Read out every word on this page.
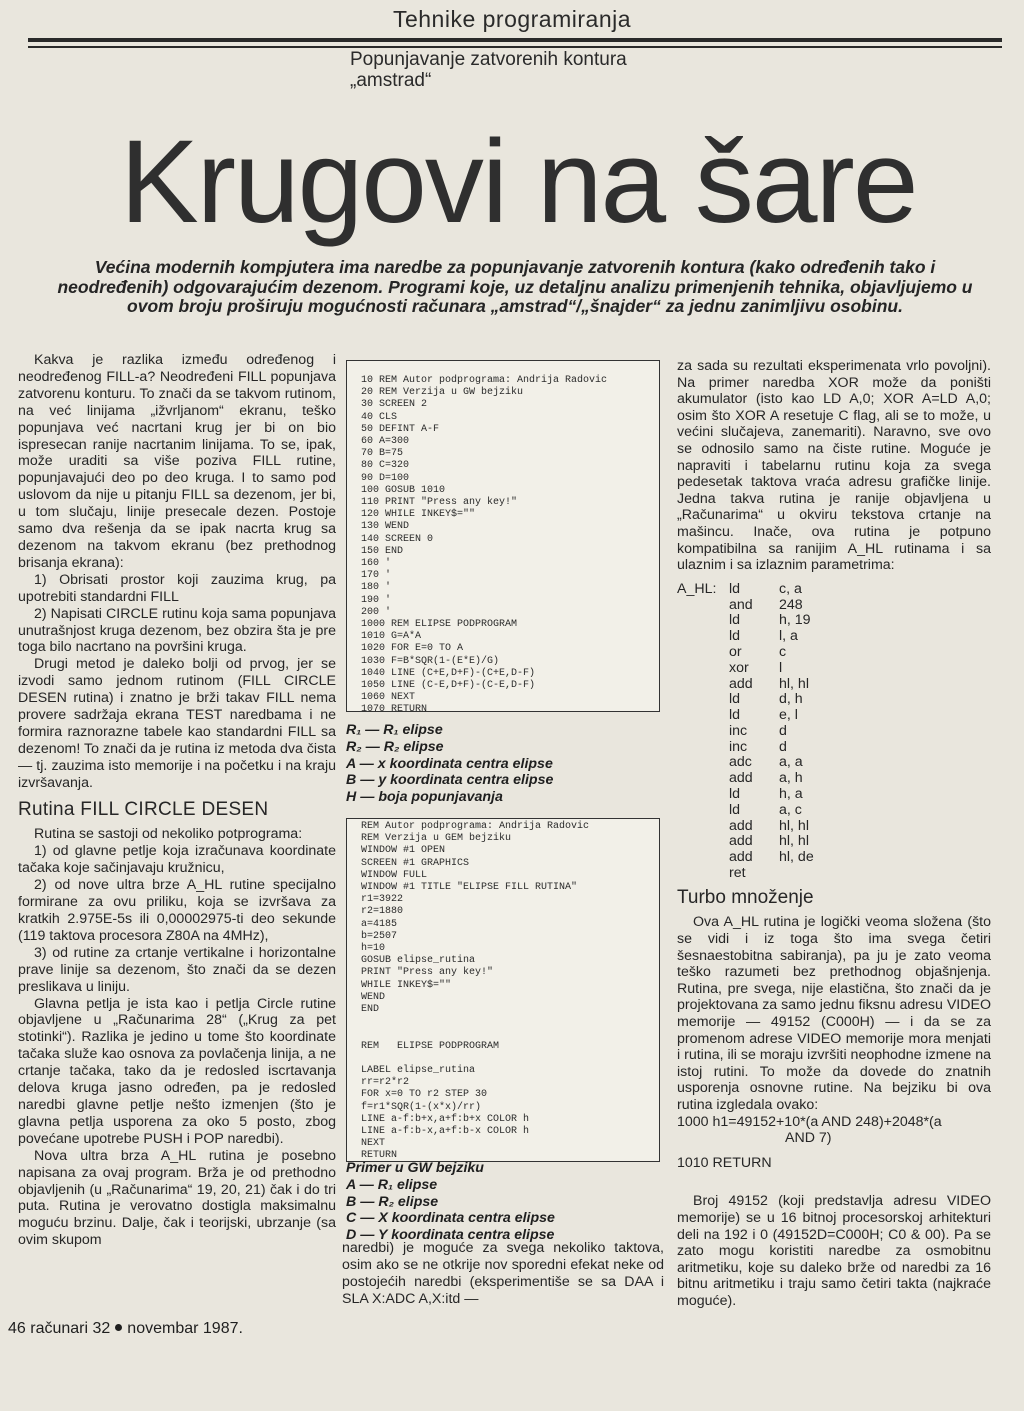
Tehnike programiranja
Popunjavanje zatvorenih kontura
„amstrad“
Krugovi na šare
Većina modernih kompjutera ima naredbe za popunjavanje zatvorenih kontura (kako određenih tako i neodređenih) odgovarajućim dezenom. Programi koje, uz detaljnu analizu primenjenih tehnika, objavljujemo u ovom broju proširuju mogućnosti računara „amstrad“/„šnajder“ za jednu zanimljivu osobinu.

Kakva je razlika između određenog i neodređenog FILL-a? Neodređeni FILL popunjava zatvorenu konturu. To znači da se takvom rutinom, na već linijama „ižvrljanom“ ekranu, teško popunjava već nacrtani krug jer bi on bio ispresecan ranije nacrtanim linijama. To se, ipak, može uraditi sa više poziva FILL rutine, popunjavajući deo po deo kruga. I to samo pod uslovom da nije u pitanju FILL sa dezenom, jer bi, u tom slučaju, linije presecale dezen. Postoje samo dva rešenja da se ipak nacrta krug sa dezenom na takvom ekranu (bez prethodnog brisanja ekrana):

1) Obrisati prostor koji zauzima krug, pa upotrebiti standardni FILL

2) Napisati CIRCLE rutinu koja sama popunjava unutrašnjost kruga dezenom, bez obzira šta je pre toga bilo nacrtano na površini kruga.

Drugi metod je daleko bolji od prvog, jer se izvodi samo jednom rutinom (FILL CIRCLE DESEN rutina) i znatno je brži takav FILL nema provere sadržaja ekrana TEST naredbama i ne formira raznorazne tabele kao standardni FILL sa dezenom! To znači da je rutina iz metoda dva čista — tj. zauzima isto memorije i na početku i na kraju izvršavanja.

Rutina FILL CIRCLE DESEN

Rutina se sastoji od nekoliko potprograma:

1) od glavne petlje koja izračunava koordinate tačaka koje sačinjavaju kružnicu,

2) od nove ultra brze A_HL rutine specijalno formirane za ovu priliku, koja se izvršava za kratkih 2.975E-5s ili 0,00002975-ti deo sekunde (119 taktova procesora Z80A na 4MHz),

3) od rutine za crtanje vertikalne i horizontalne prave linije sa dezenom, što znači da se dezen preslikava u liniju.

Glavna petlja je ista kao i petlja Circle rutine objavljene u „Računarima 28“ („Krug za pet stotinki“). Razlika je jedino u tome što koordinate tačaka služe kao osnova za povlačenja linija, a ne crtanje tačaka, tako da je redosled iscrtavanja delova kruga jasno određen, pa je redosled naredbi glavne petlje nešto izmenjen (što je glavna petlja usporena za oko 5 posto, zbog povećane upotrebe PUSH i POP naredbi).

Nova ultra brza A_HL rutina je posebno napisana za ovaj program. Brža je od prethodno objavljenih (u „Računarima“ 19, 20, 21) čak i do tri puta. Rutina je verovatno dostigla maksimalnu moguću brzinu. Dalje, čak i teorijski, ubrzanje (sa ovim skupom

10 REM Autor podprograma: Andrija Radovic
20 REM Verzija u GW bejziku
30 SCREEN 2
40 CLS
50 DEFINT A-F
60 A=300
70 B=75
80 C=320
90 D=100
100 GOSUB 1010
110 PRINT "Press any key!"
120 WHILE INKEY$=""
130 WEND
140 SCREEN 0
150 END
160 '
170 '
180 '
190 '
200 '
1000 REM ELIPSE PODPROGRAM
1010 G=A*A
1020 FOR E=0 TO A
1030 F=B*SQR(1-(E*E)/G)
1040 LINE (C+E,D+F)-(C+E,D-F)
1050 LINE (C-E,D+F)-(C-E,D-F)
1060 NEXT
1070 RETURN
R₁ — R₁ elipse
R₂ — R₂ elipse
A — x koordinata centra elipse
B — y koordinata centra elipse
H — boja popunjavanja
REM Autor podprograma: Andrija Radovic
REM Verzija u GEM bejziku
WINDOW #1 OPEN
SCREEN #1 GRAPHICS
WINDOW FULL
WINDOW #1 TITLE "ELIPSE FILL RUTINA"
r1=3922
r2=1880
a=4185
b=2507
h=10
GOSUB elipse_rutina
PRINT "Press any key!"
WHILE INKEY$=""
WEND
END

REM   ELIPSE PODPROGRAM

LABEL elipse_rutina
rr=r2*r2
FOR x=0 TO r2 STEP 30
f=r1*SQR(1-(x*x)/rr)
LINE a-f:b+x,a+f:b+x COLOR h
LINE a-f:b-x,a+f:b-x COLOR h
NEXT
RETURN
Primer u GW bejziku
A — R₁ elipse
B — R₂ elipse
C — X koordinata centra elipse
D — Y koordinata centra elipse
naredbi) je moguće za svega nekoliko taktova, osim ako se ne otkrije nov sporedni efekat neke od postojećih naredbi (eksperimentiše se sa DAA i SLA X:ADC A,X:itd —

za sada su rezultati eksperimenata vrlo povoljni). Na primer naredba XOR može da poništi akumulator (isto kao LD A,0; XOR A=LD A,0; osim što XOR A resetuje C flag, ali se to može, u većini slučajeva, zanemariti). Naravno, sve ovo se odnosilo samo na čiste rutine. Moguće je napraviti i tabelarnu rutinu koja za svega pedesetak taktova vraća adresu grafičke linije. Jedna takva rutina je ranije objavljena u „Računarima“ u okviru tekstova crtanje na mašincu. Inače, ova rutina je potpuno kompatibilna sa ranijim A_HL rutinama i sa ulaznim i sa izlaznim parametrima:

A_HL: ld	c, a
and	248
ld	h, 19
ld	l, a
or	c
xor	l
add	hl, hl
ld	d, h
ld	e, l
inc	d
inc	d
adc	a, a
add	a, h
ld	h, a
ld	a, c
add	hl, hl
add	hl, hl
add	hl, de
ret
Turbo množenje

Ova A_HL rutina je logički veoma složena (što se vidi i iz toga što ima svega četiri šesnaestobitna sabiranja), pa ju je zato veoma teško razumeti bez prethodnog objašnjenja. Rutina, pre svega, nije elastična, što znači da je projektovana za samo jednu fiksnu adresu VIDEO memorije — 49152 (C000H) — i da se za promenom adrese VIDEO memorije mora menjati i rutina, ili se moraju izvršiti neophodne izmene na istoj rutini. To može da dovede do znatnih usporenja osnovne rutine. Na bejziku bi ova rutina izgledala ovako:

1000 h1=49152+10*(a AND 248)+2048*(a
AND 7)
1010 RETURN

Broj 49152 (koji predstavlja adresu VIDEO memorije) se u 16 bitnoj procesorskoj arhitekturi deli na 192 i 0 (49152D=C000H; C0 & 00). Pa se zato mogu koristiti naredbe za osmobitnu aritmetiku, koje su daleko brže od naredbi za 16 bitnu aritmetiku i traju samo četiri takta (najkraće moguće).

46 računari 32 novembar 1987.
